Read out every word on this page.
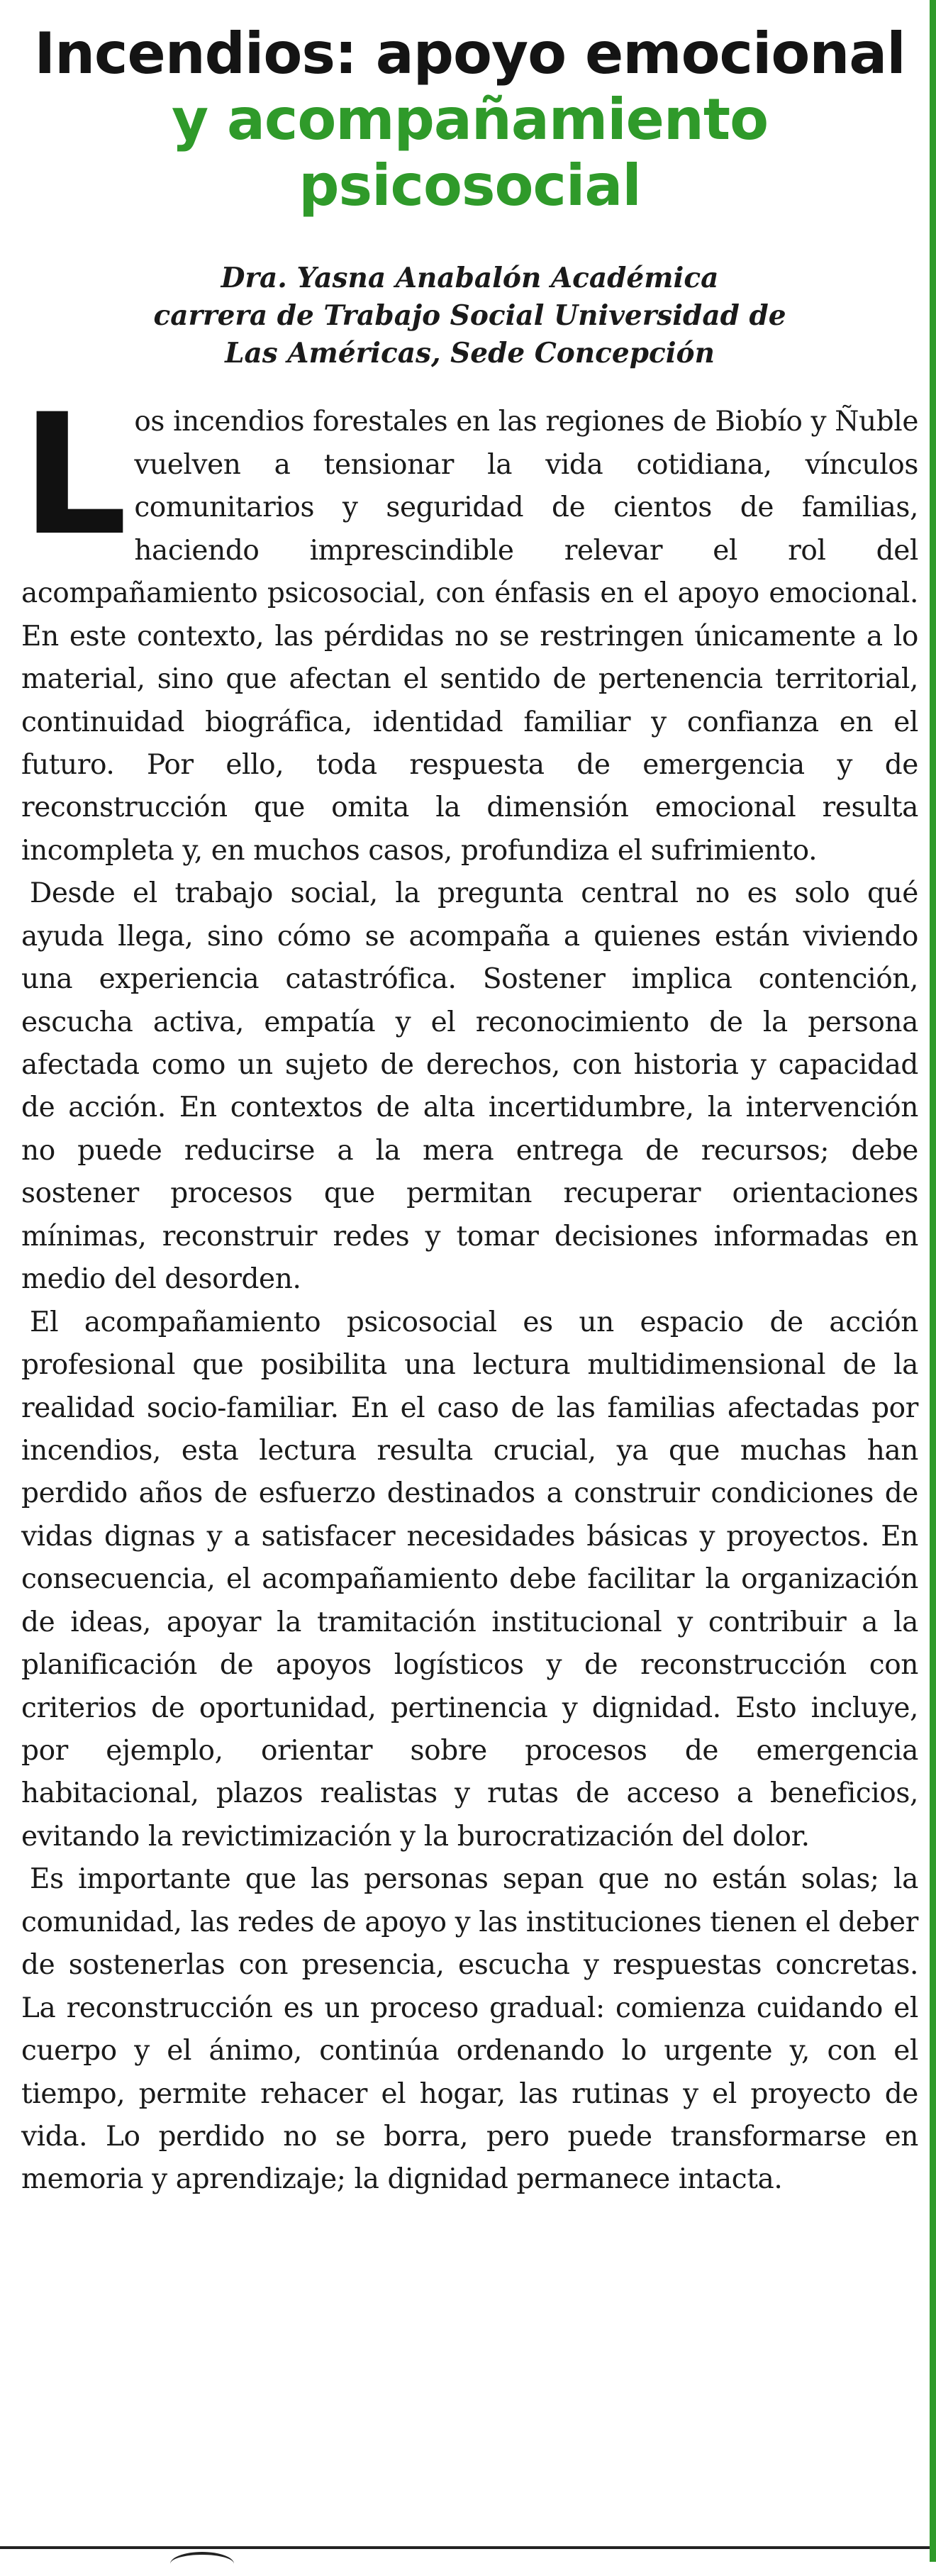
Incendios: apoyo emocional
y acompañamiento
psicosocial
Dra. Yasna Anabalón Académica
carrera de Trabajo Social Universidad de
Las Américas, Sede Concepción

Los incendios forestales en las regiones de Biobío y Ñuble vuelven a tensionar la vida cotidiana, vínculos comunitarios y seguridad de cientos de familias, haciendo imprescindible relevar el rol del acompañamiento psicosocial, con énfasis en el apoyo emocional. En este contexto, las pérdidas no se restringen únicamente a lo material, sino que afectan el sentido de pertenencia territorial, continuidad biográfica, identidad familiar y confianza en el futuro. Por ello, toda respuesta de emergencia y de reconstrucción que omita la dimensión emocional resulta incompleta y, en muchos casos, profundiza el sufrimiento.

Desde el trabajo social, la pregunta central no es solo qué ayuda llega, sino cómo se acompaña a quienes están viviendo una experiencia catastrófica. Sostener implica contención, escucha activa, empatía y el reconocimiento de la persona afectada como un sujeto de derechos, con historia y capacidad de acción. En contextos de alta incertidumbre, la intervención no puede reducirse a la mera entrega de recursos; debe sostener procesos que permitan recuperar orientaciones mínimas, reconstruir redes y tomar decisiones informadas en medio del desorden.

El acompañamiento psicosocial es un espacio de acción profesional que posibilita una lectura multidimensional de la realidad socio-familiar. En el caso de las familias afectadas por incendios, esta lectura resulta crucial, ya que muchas han perdido años de esfuerzo destinados a construir condiciones de vidas dignas y a satisfacer necesidades básicas y proyectos. En consecuencia, el acompañamiento debe facilitar la organización de ideas, apoyar la tramitación institucional y contribuir a la planificación de apoyos logísticos y de reconstrucción con criterios de oportunidad, pertinencia y dignidad. Esto incluye, por ejemplo, orientar sobre procesos de emergencia habitacional, plazos realistas y rutas de acceso a beneficios, evitando la revictimización y la burocratización del dolor.

Es importante que las personas sepan que no están solas; la comunidad, las redes de apoyo y las instituciones tienen el deber de sostenerlas con presencia, escucha y respuestas concretas. La reconstrucción es un proceso gradual: comienza cuidando el cuerpo y el ánimo, continúa ordenando lo urgente y, con el tiempo, permite rehacer el hogar, las rutinas y el proyecto de vida. Lo perdido no se borra, pero puede transformarse en memoria y aprendizaje; la dignidad permanece intacta.
